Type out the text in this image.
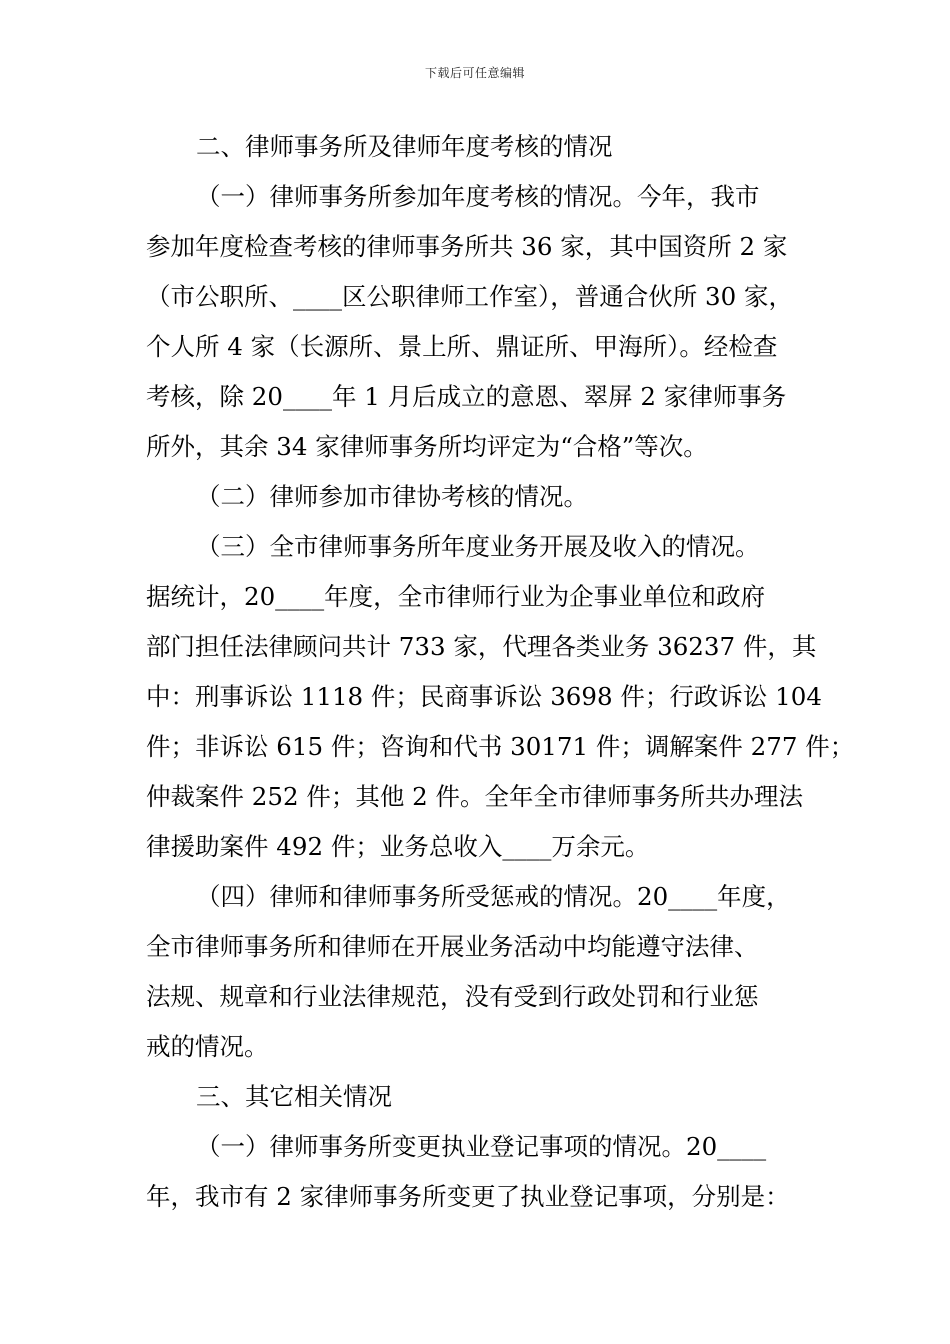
下载后可任意编辑
二、律师事务所及律师年度考核的情况
（一）律师事务所参加年度考核的情况。今年，我市
参加年度检查考核的律师事务所共 36 家，其中国资所 2 家
（市公职所、____区公职律师工作室），普通合伙所 30 家，
个人所 4 家（长源所、景上所、鼎证所、甲海所）。经检查
考核，除 20____年 1 月后成立的意恩、翠屏 2 家律师事务
所外，其余 34 家律师事务所均评定为“合格”等次。
（二）律师参加市律协考核的情况。
（三）全市律师事务所年度业务开展及收入的情况。
据统计，20____年度，全市律师行业为企事业单位和政府
部门担任法律顾问共计 733 家，代理各类业务 36237 件，其
中：刑事诉讼 1118 件；民商事诉讼 3698 件；行政诉讼 104
件；非诉讼 615 件；咨询和代书 30171 件；调解案件 277 件；
仲裁案件 252 件；其他 2 件。全年全市律师事务所共办理法
律援助案件 492 件；业务总收入____万余元。
（四）律师和律师事务所受惩戒的情况。20____年度，
全市律师事务所和律师在开展业务活动中均能遵守法律、
法规、规章和行业法律规范，没有受到行政处罚和行业惩
戒的情况。
三、其它相关情况
（一）律师事务所变更执业登记事项的情况。20____
年，我市有 2 家律师事务所变更了执业登记事项，分别是：
